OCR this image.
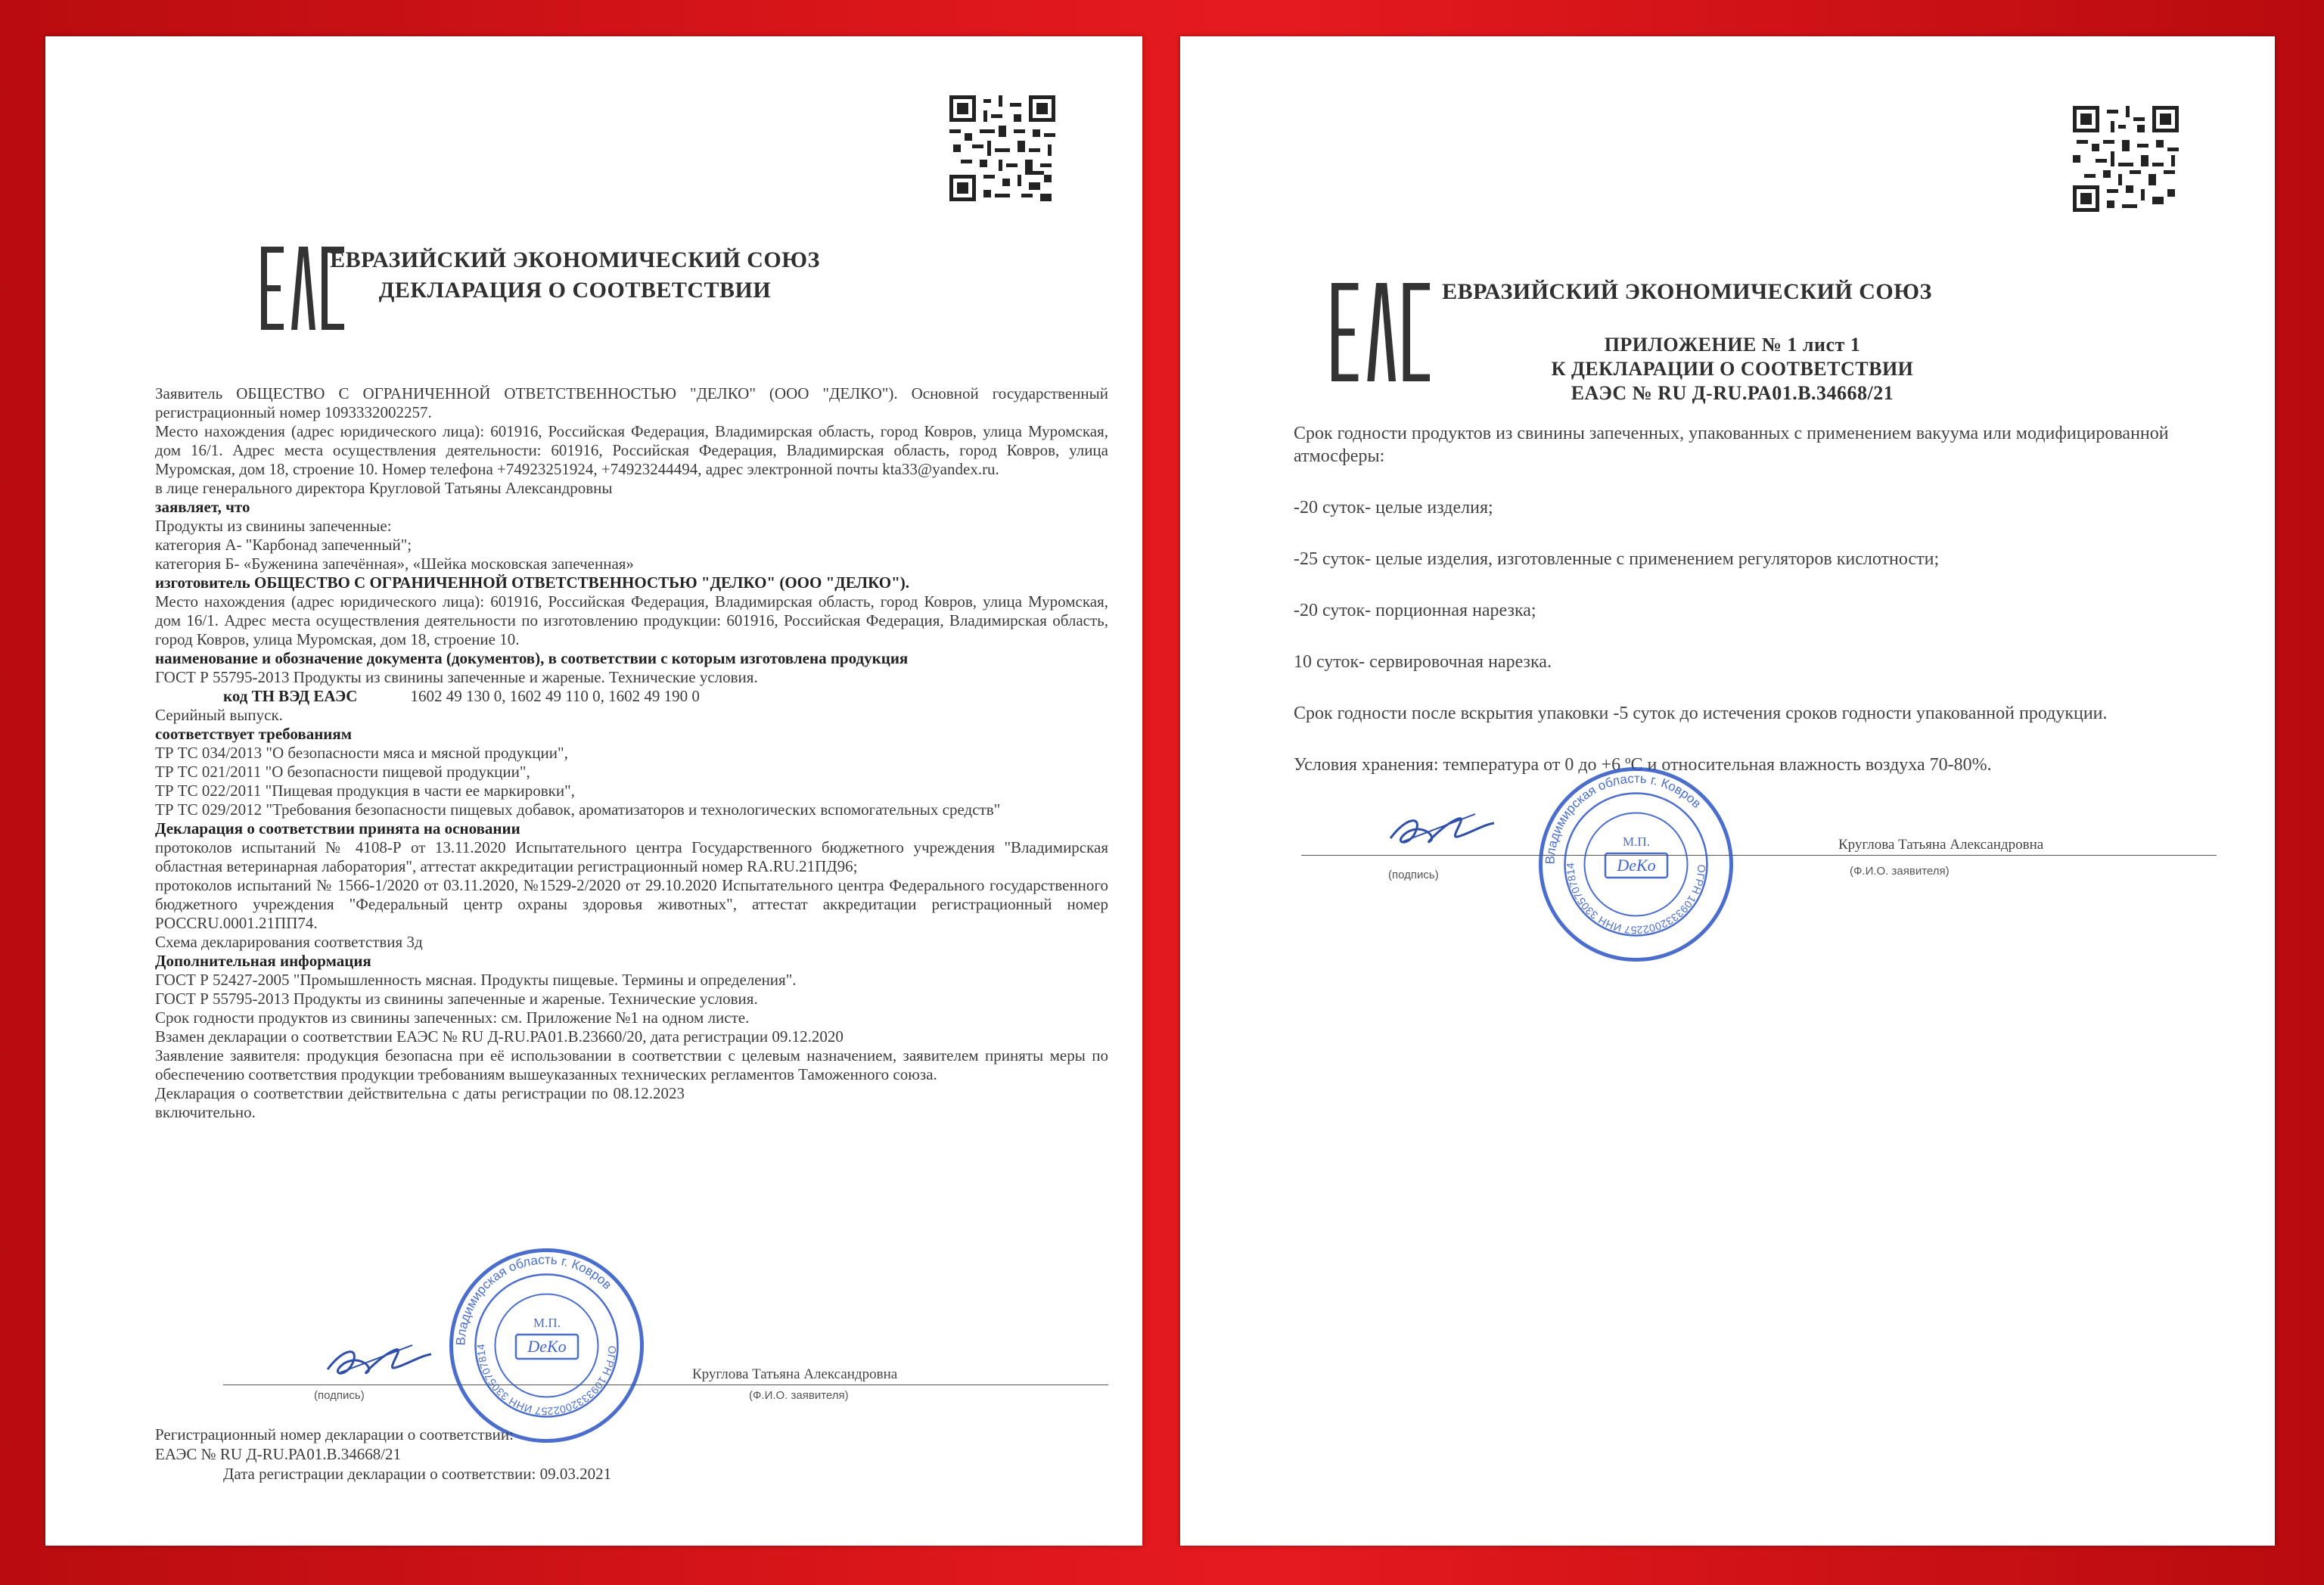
ЕВРАЗИЙСКИЙ ЭКОНОМИЧЕСКИЙ СОЮЗ
ДЕКЛАРАЦИЯ О СООТВЕТСТВИИ
Заявитель ОБЩЕСТВО С ОГРАНИЧЕННОЙ ОТВЕТСТВЕННОСТЬЮ "ДЕЛКО" (ООО "ДЕЛКО"). Основной государственный регистрационный номер 1093332002257.
Место нахождения (адрес юридического лица): 601916, Российская Федерация, Владимирская область, город Ковров, улица Муромская, дом 16/1. Адрес места осуществления деятельности: 601916, Российская Федерация, Владимирская область, город Ковров, улица Муромская, дом 18, строение 10. Номер телефона +74923251924, +74923244494, адрес электронной почты kta33@yandex.ru.
в лице генерального директора Кругловой Татьяны Александровны
заявляет, что
Продукты из свинины запеченные:
категория А- "Карбонад запеченный";
категория Б- «Буженина запечённая», «Шейка московская запеченная»
изготовитель ОБЩЕСТВО С ОГРАНИЧЕННОЙ ОТВЕТСТВЕННОСТЬЮ "ДЕЛКО" (ООО "ДЕЛКО").
Место нахождения (адрес юридического лица): 601916, Российская Федерация, Владимирская область, город Ковров, улица Муромская, дом 16/1. Адрес места осуществления деятельности по изготовлению продукции: 601916, Российская Федерация, Владимирская область, город Ковров, улица Муромская, дом 18, строение 10.
наименование и обозначение документа (документов), в соответствии с которым изготовлена продукция
ГОСТ Р 55795-2013 Продукты из свинины запеченные и жареные. Технические условия.
код ТН ВЭД ЕАЭС	1602 49 130 0, 1602 49 110 0, 1602 49 190 0
Серийный выпуск.
соответствует требованиям
ТР ТС 034/2013 "О безопасности мяса и мясной продукции",
ТР ТС 021/2011 "О безопасности пищевой продукции",
ТР ТС 022/2011 "Пищевая продукция в части ее маркировки",
ТР ТС 029/2012 "Требования безопасности пищевых добавок, ароматизаторов и технологических вспомогательных средств"
Декларация о соответствии принята на основании
протоколов испытаний № 4108-Р от 13.11.2020 Испытательного центра Государственного бюджетного учреждения "Владимирская областная ветеринарная лаборатория", аттестат аккредитации регистрационный номер RA.RU.21ПД96;
протоколов испытаний № 1566-1/2020 от 03.11.2020, №1529-2/2020 от 29.10.2020 Испытательного центра Федерального государственного бюджетного учреждения "Федеральный центр охраны здоровья животных", аттестат аккредитации регистрационный номер РОССRU.0001.21ПП74.
Схема декларирования соответствия 3д
Дополнительная информация
ГОСТ Р 52427-2005 "Промышленность мясная. Продукты пищевые. Термины и определения".
ГОСТ Р 55795-2013 Продукты из свинины запеченные и жареные. Технические условия.
Срок годности продуктов из свинины запеченных: см. Приложение №1 на одном листе.
Взамен декларации о соответствии ЕАЭС № RU Д-RU.РА01.В.23660/20, дата регистрации 09.12.2020
Заявление заявителя: продукция безопасна при её использовании в соответствии с целевым назначением, заявителем приняты меры по обеспечению соответствия продукции требованиям вышеуказанных технических регламентов Таможенного союза.
Декларация о соответствии действительна с даты регистрации по 08.12.2023 включительно.
(подпись)
Круглова Татьяна Александровна
(Ф.И.О. заявителя)
Владимирская область г. Ковров
ОГРН 1093332002257 ИНН 3305707814	DeKo
М.П.
Регистрационный номер декларации о соответствии:
ЕАЭС № RU Д-RU.РА01.В.34668/21
Дата регистрации декларации о соответствии: 09.03.2021
ЕВРАЗИЙСКИЙ ЭКОНОМИЧЕСКИЙ СОЮЗ
ПРИЛОЖЕНИЕ № 1 лист 1
К ДЕКЛАРАЦИИ О СООТВЕТСТВИИ
ЕАЭС № RU Д-RU.РА01.В.34668/21

Срок годности продуктов из свинины запеченных, упакованных с применением вакуума или модифицированной атмосферы:

-20 суток- целые изделия;

-25 суток- целые изделия, изготовленные с применением регуляторов кислотности;

-20 суток- порционная нарезка;

10 суток- сервировочная нарезка.

Срок годности после вскрытия упаковки -5 суток до истечения сроков годности упакованной продукции.

Условия хранения: температура от 0 до +6 ºС и относительная влажность воздуха 70-80%.

(подпись)
Круглова Татьяна Александровна
(Ф.И.О. заявителя)
Владимирская область г. Ковров
ОГРН 1093332002257 ИНН 3305707814	DeKo
М.П.
